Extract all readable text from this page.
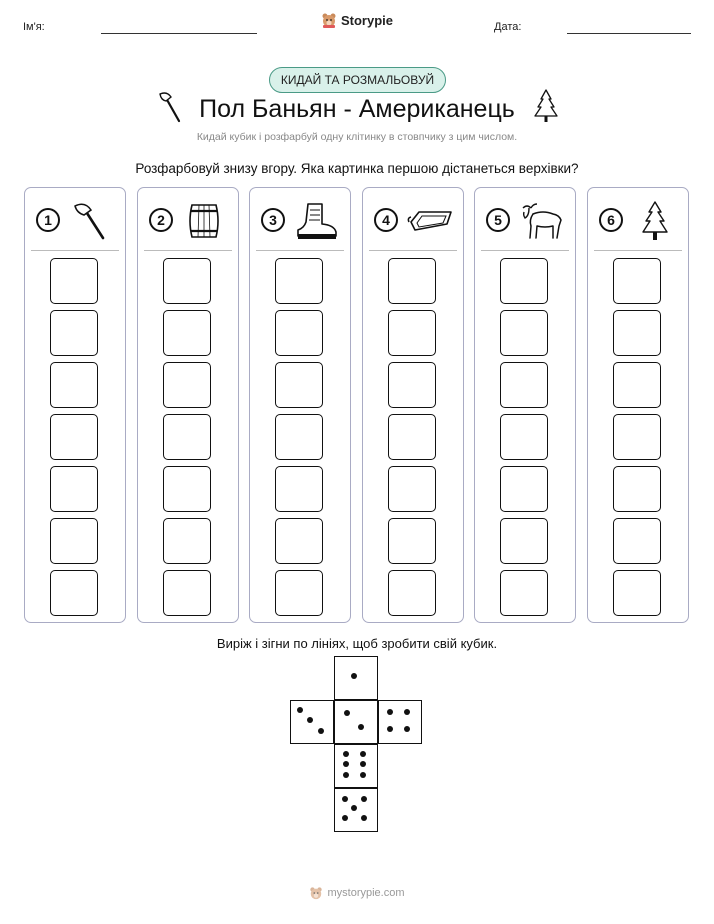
Ім'я:	Storypie	Дата:
КИДАЙ ТА РОЗМАЛЬОВУЙ
Пол Баньян - Американець
Кидай кубик і розфарбуй одну клітинку в стовпчику з цим числом.
Розфарбовуй знизу вгору. Яка картинка першою дістанеться верхівки?
1	2	3	4	5	6
Виріж і зігни по лініях, щоб зробити свій кубик.
mystorypie.com
